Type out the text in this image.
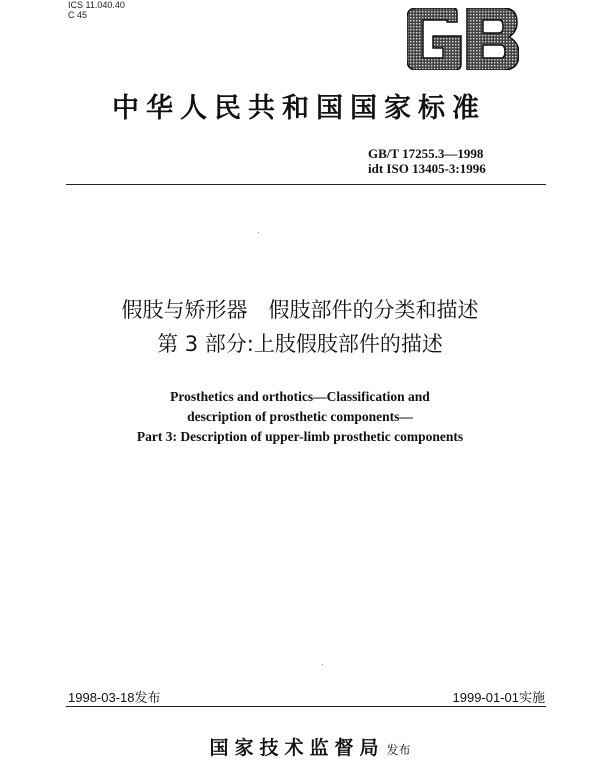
ICS 11.040.40
C 45
中华人民共和国国家标准
GB/T 17255.3—1998
idt ISO 13405-3:1996
假肢与矫形器　假肢部件的分类和描述
第 3 部分:上肢假肢部件的描述
Prosthetics and orthotics—Classification and
description of prosthetic components—
Part 3: Description of upper-limb prosthetic components
1998-03-18发布	1999-01-01实施
国家技术监督局 发布
